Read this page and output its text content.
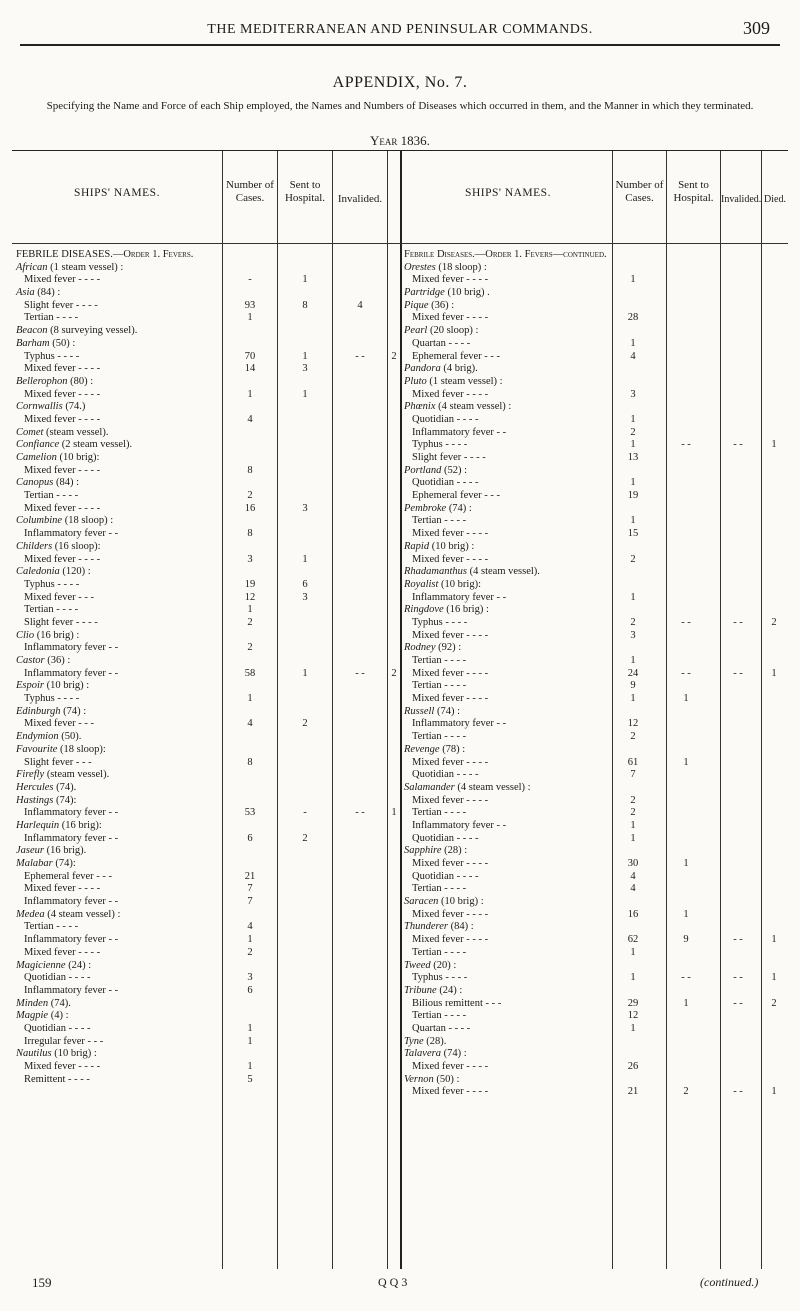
THE MEDITERRANEAN AND PENINSULAR COMMANDS.	309
APPENDIX, No. 7.
Specifying the Name and Force of each Ship employed, the Names and Numbers of Diseases which occurred in them, and the Manner in which they terminated.
Year 1836.
SHIPS' NAMES.
Number of Cases.
Sent to Hospital.	Invalided.	SHIPS' NAMES.
Number of Cases.
Sent to Hospital. Invalided. Died.
FEBRILE DISEASES.—Order 1. Fevers.
African (1 steam vessel) :
Mixed fever - - - -	-	1
Asia (84) :
Slight fever - - - -	93	8	4
Tertian - - - -	1
Beacon (8 surveying vessel).
Barham (50) :
Typhus - - - -	70	1	- -	2
Mixed fever - - - -	14	3
Bellerophon (80) :
Mixed fever - - - -	1	1
Cornwallis (74.)
Mixed fever - - - -	4
Comet (steam vessel).
Confiance (2 steam vessel).
Camelion (10 brig):
Mixed fever - - - -	8
Canopus (84) :
Tertian - - - -	2
Mixed fever - - - -	16	3
Columbine (18 sloop) :
Inflammatory fever - -	8
Childers (16 sloop):
Mixed fever - - - -	3	1
Caledonia (120) :
Typhus - - - -	19	6
Mixed fever - - -	12	3
Tertian - - - -	1
Slight fever - - - -	2
Clio (16 brig) :
Inflammatory fever - -	2
Castor (36) :
Inflammatory fever - -	58	1	- -	2
Espoir (10 brig) :
Typhus - - - -	1
Edinburgh (74) :
Mixed fever - - -	4	2
Endymion (50).
Favourite (18 sloop):
Slight fever - - -	8
Firefly (steam vessel).
Hercules (74).
Hastings (74):
Inflammatory fever - -	53	-	- -	1
Harlequin (16 brig):
Inflammatory fever - -	6	2
Jaseur (16 brig).
Malabar (74):
Ephemeral fever - - -	21
Mixed fever - - - -	7
Inflammatory fever - -	7
Medea (4 steam vessel) :
Tertian - - - -	4
Inflammatory fever - -	1
Mixed fever - - - -	2
Magicienne (24) :
Quotidian - - - -	3
Inflammatory fever - -	6
Minden (74).
Magpie (4) :
Quotidian - - - -	1
Irregular fever - - -	1
Nautilus (10 brig) :
Mixed fever - - - -	1
Remittent - - - -	5
Febrile Diseases.—Order 1. Fevers—continued.
Orestes (18 sloop) :
Mixed fever - - - -	1
Partridge (10 brig) .
Pique (36) :
Mixed fever - - - -	28
Pearl (20 sloop) :
Quartan - - - -	1
Ephemeral fever - - -	4
Pandora (4 brig).
Pluto (1 steam vessel) :
Mixed fever - - - -	3
Phœnix (4 steam vessel) :
Quotidian - - - -	1
Inflammatory fever - -	2
Typhus - - - -	1	- -	- -	1
Slight fever - - - -	13
Portland (52) :
Quotidian - - - -	1
Ephemeral fever - - -	19
Pembroke (74) :
Tertian - - - -	1
Mixed fever - - - -	15
Rapid (10 brig) :
Mixed fever - - - -	2
Rhadamanthus (4 steam vessel).
Royalist (10 brig):
Inflammatory fever - -	1
Ringdove (16 brig) :
Typhus - - - -	2	- -	- -	2
Mixed fever - - - -	3
Rodney (92) :
Tertian - - - -	1
Mixed fever - - - -	24	- -	- -	1
Tertian - - - -	9
Mixed fever - - - -	1	1
Russell (74) :
Inflammatory fever - -	12
Tertian - - - -	2
Revenge (78) :
Mixed fever - - - -	61	1
Quotidian - - - -	7
Salamander (4 steam vessel) :
Mixed fever - - - -	2
Tertian - - - -	2
Inflammatory fever - -	1
Quotidian - - - -	1
Sapphire (28) :
Mixed fever - - - -	30	1
Quotidian - - - -	4
Tertian - - - -	4
Saracen (10 brig) :
Mixed fever - - - -	16	1
Thunderer (84) :
Mixed fever - - - -	62	9	- -	1
Tertian - - - -	1
Tweed (20) :
Typhus - - - -	1	- -	- -	1
Tribune (24) :
Bilious remittent - - -	29	1	- -	2
Tertian - - - -	12
Quartan - - - -	1
Tyne (28).
Talavera (74) :
Mixed fever - - - -	26
Vernon (50) :
Mixed fever - - - -	21	2	- -	1
159	Q Q 3	(continued.)
